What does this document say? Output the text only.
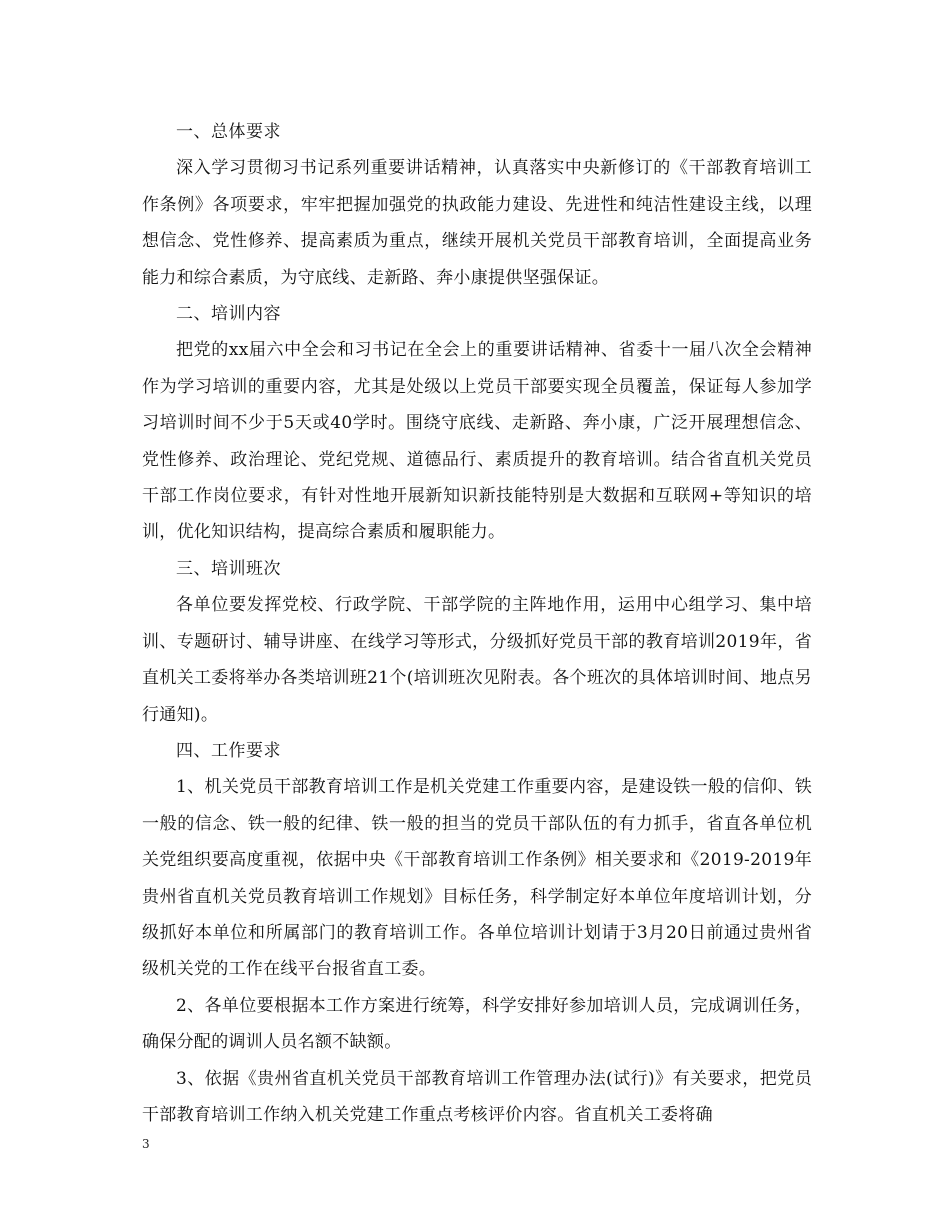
一、总体要求

深入学习贯彻习书记系列重要讲话精神，认真落实中央新修订的《干部教育培训工作条例》各项要求，牢牢把握加强党的执政能力建设、先进性和纯洁性建设主线，以理想信念、党性修养、提高素质为重点，继续开展机关党员干部教育培训，全面提高业务能力和综合素质，为守底线、走新路、奔小康提供坚强保证。

二、培训内容

把党的xx届六中全会和习书记在全会上的重要讲话精神、省委十一届八次全会精神作为学习培训的重要内容，尤其是处级以上党员干部要实现全员覆盖，保证每人参加学习培训时间不少于5天或40学时。围绕守底线、走新路、奔小康，广泛开展理想信念、党性修养、政治理论、党纪党规、道德品行、素质提升的教育培训。结合省直机关党员干部工作岗位要求，有针对性地开展新知识新技能特别是大数据和互联网+等知识的培训，优化知识结构，提高综合素质和履职能力。

三、培训班次

各单位要发挥党校、行政学院、干部学院的主阵地作用，运用中心组学习、集中培训、专题研讨、辅导讲座、在线学习等形式，分级抓好党员干部的教育培训2019年，省直机关工委将举办各类培训班21个(培训班次见附表。各个班次的具体培训时间、地点另行通知)。

四、工作要求

1、机关党员干部教育培训工作是机关党建工作重要内容，是建设铁一般的信仰、铁一般的信念、铁一般的纪律、铁一般的担当的党员干部队伍的有力抓手，省直各单位机关党组织要高度重视，依据中央《干部教育培训工作条例》相关要求和《2019-2019年贵州省直机关党员教育培训工作规划》目标任务，科学制定好本单位年度培训计划，分级抓好本单位和所属部门的教育培训工作。各单位培训计划请于3月20日前通过贵州省级机关党的工作在线平台报省直工委。

2、各单位要根据本工作方案进行统筹，科学安排好参加培训人员，完成调训任务，确保分配的调训人员名额不缺额。

3、依据《贵州省直机关党员干部教育培训工作管理办法(试行)》有关要求，把党员干部教育培训工作纳入机关党建工作重点考核评价内容。省直机关工委将确

3
